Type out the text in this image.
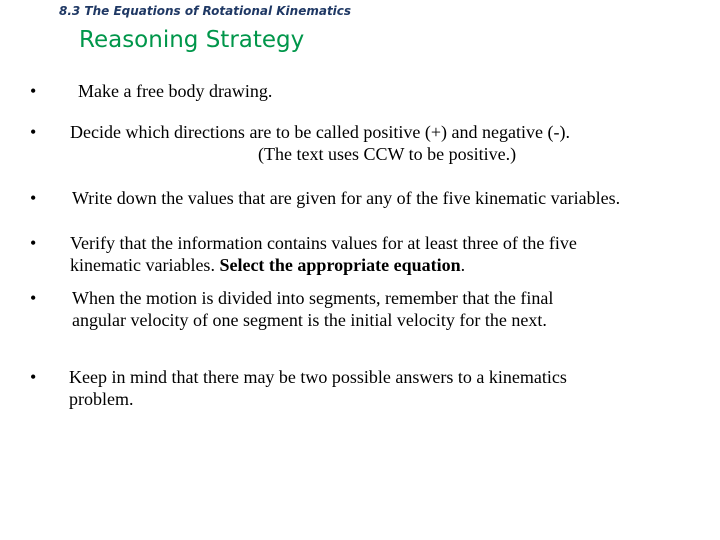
8.3 The Equations of Rotational Kinematics
Reasoning Strategy
• Make a free body drawing.
• Decide which directions are to be called positive (+) and negative (-).
(The text uses CCW to be positive.)
• Write down the values that are given for any of the five kinematic variables.
• Verify that the information contains values for at least three of the five
kinematic variables. Select the appropriate equation.
• When the motion is divided into segments, remember that the final
angular velocity of one segment is the initial velocity for the next.
• Keep in mind that there may be two possible answers to a kinematics
problem.
